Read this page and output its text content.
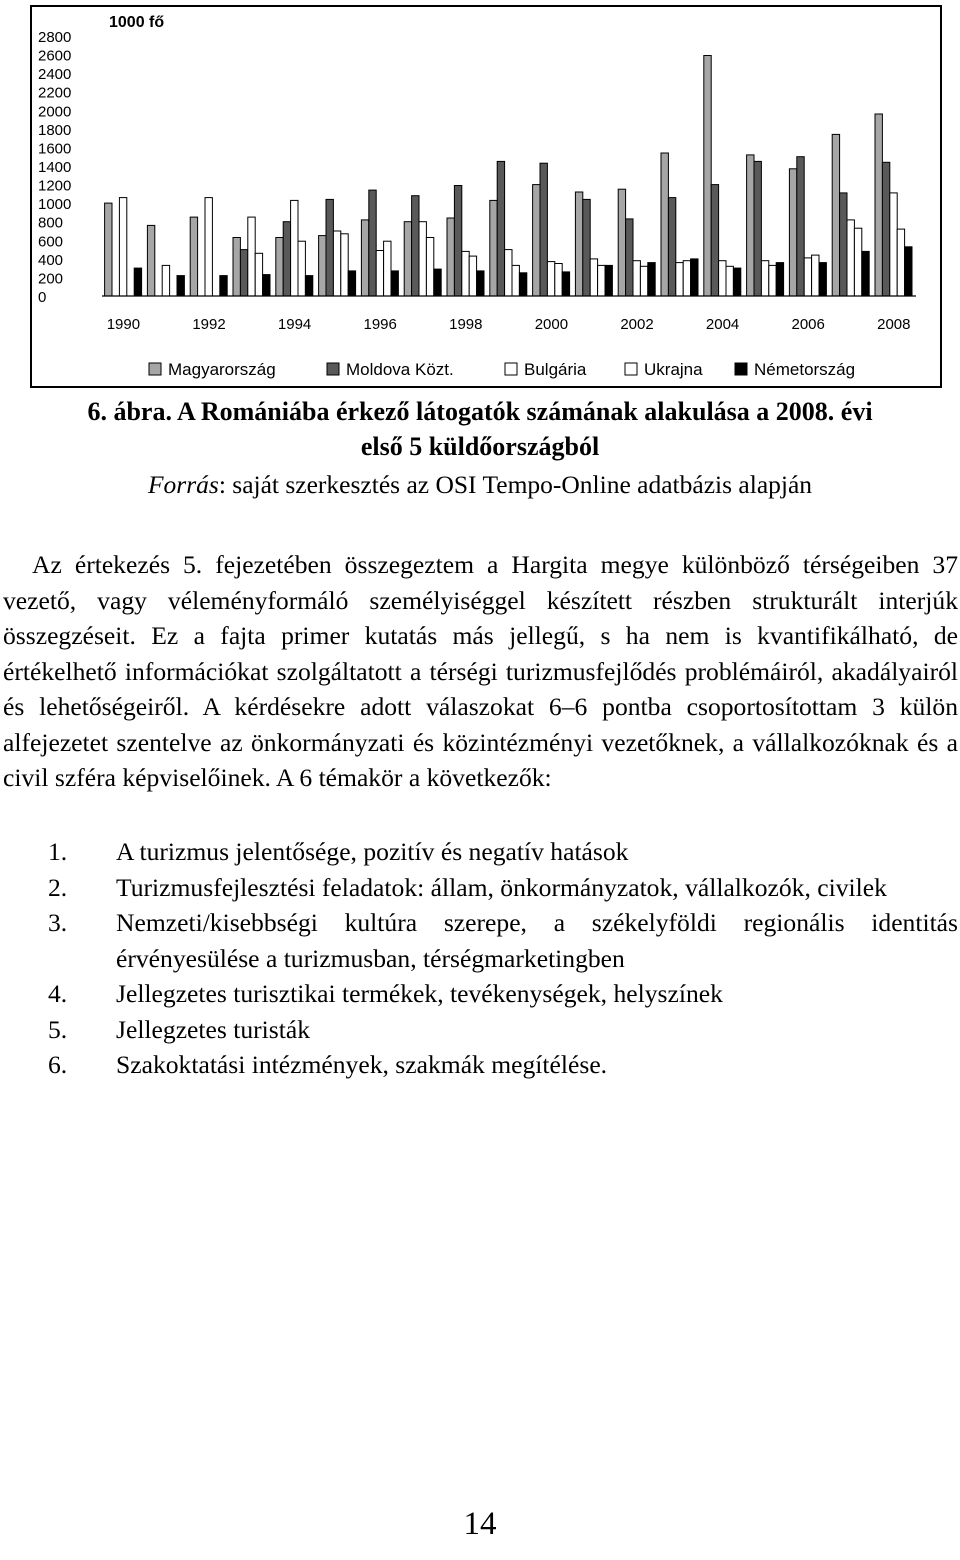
2800
2600
2400
2200
2000
1800
1600
1400
1200
1000
800
600
400
200
0
1000 fő
1990	1992	1994	1996	1998	2000	2002	2004	2006	2008
Magyarország	Moldova Közt.	Bulgária	Ukrajna	Németország
6. ábra. A Romániába érkező látogatók számának alakulása a 2008. évi
első 5 küldőországból
Forrás: saját szerkesztés az OSI Tempo-Online adatbázis alapján

Az értekezés 5. fejezetében összegeztem a Hargita megye különböző térségeiben 37 vezető, vagy véleményformáló személyiséggel készített részben strukturált interjúk összegzéseit. Ez a fajta primer kutatás más jellegű, s ha nem is kvantifikálható, de értékelhető információkat szolgáltatott a térségi turizmusfejlődés problémáiról, akadályairól és lehetőségeiről. A kérdésekre adott válaszokat 6–6 pontba csoportosítottam 3 külön alfejezetet szentelve az önkormányzati és közintézményi vezetőknek, a vállalkozóknak és a civil szféra képviselőinek. A 6 témakör a következők:

1. A turizmus jelentősége, pozitív és negatív hatások
2. Turizmusfejlesztési feladatok: állam, önkormányzatok, vállalkozók, civilek
3. Nemzeti/kisebbségi kultúra szerepe, a székelyföldi regionális identitás érvényesülése a turizmusban, térségmarketingben
4. Jellegzetes turisztikai termékek, tevékenységek, helyszínek
5. Jellegzetes turisták
6. Szakoktatási intézmények, szakmák megítélése.
14
